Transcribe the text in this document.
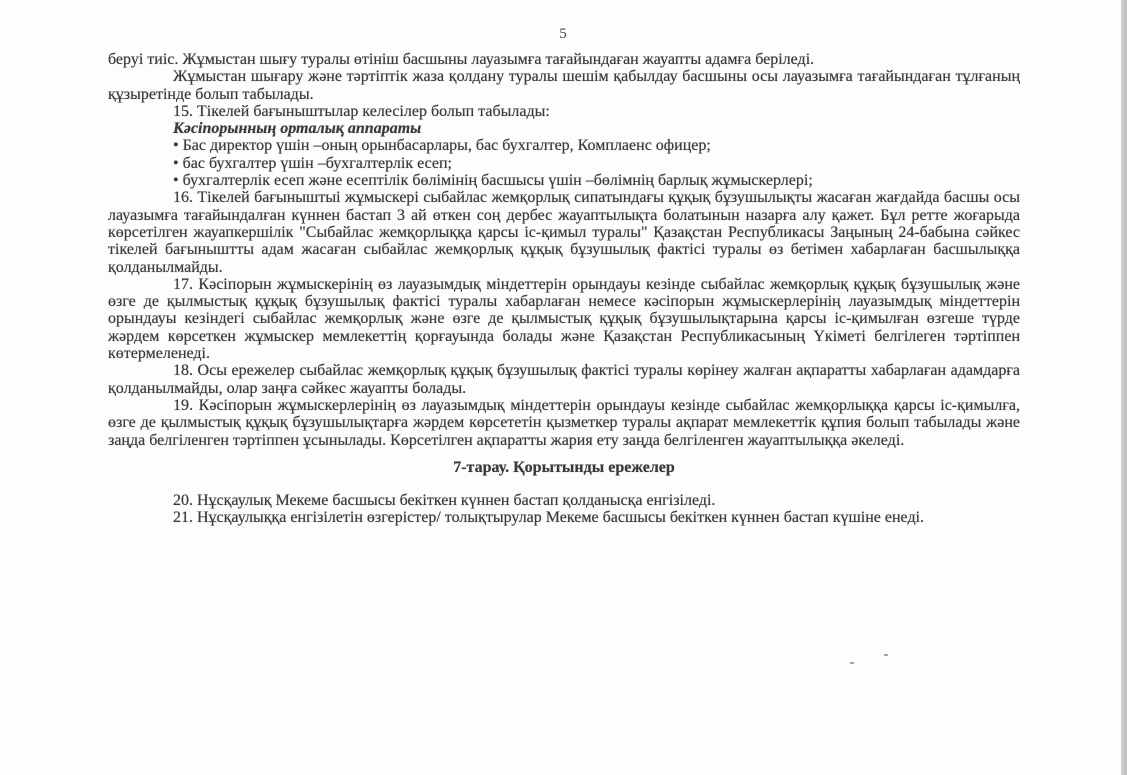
5

беруі тиіс. Жұмыстан шығу туралы өтініш басшыны лауазымға тағайындаған жауапты адамға беріледі.

Жұмыстан шығару және тәртіптік жаза қолдану туралы шешім қабылдау басшыны осы лауазымға тағайындаған тұлғаның құзыретінде болып табылады.

15. Тікелей бағыныштылар келесілер болып табылады:

Кәсіпорынның орталық аппараты

• Бас директор үшін –оның орынбасарлары, бас бухгалтер, Комплаенс офицер;

• бас бухгалтер үшін –бухгалтерлік есеп;

• бухгалтерлік есеп және есептілік бөлімінің басшысы үшін –бөлімнің барлық жұмыскерлері;

16. Тікелей бағыныштыі жұмыскері сыбайлас жемқорлық сипатындағы құқық бұзушылықты жасаған жағдайда басшы осы лауазымға тағайындалған күннен бастап 3 ай өткен соң дербес жауаптылықта болатынын назарға алу қажет. Бұл ретте жоғарыда көрсетілген жауапкершілік "Сыбайлас жемқорлыққа қарсы іс-қимыл туралы" Қазақстан Республикасы Заңының 24-бабына сәйкес тікелей бағыныштты адам жасаған сыбайлас жемқорлық құқық бұзушылық фактісі туралы өз бетімен хабарлаған басшылыққа қолданылмайды.

17. Кәсіпорын жұмыскерінің өз лауазымдық міндеттерін орындауы кезінде сыбайлас жемқорлық құқық бұзушылық және өзге де қылмыстық құқық бұзушылық фактісі туралы хабарлаған немесе кәсіпорын жұмыскерлерінің лауазымдық міндеттерін орындауы кезіндегі сыбайлас жемқорлық және өзге де қылмыстық құқық бұзушылықтарына қарсы іс-қимылған өзгеше түрде жәрдем көрсеткен жұмыскер мемлекеттің қорғауында болады және Қазақстан Республикасының Үкіметі белгілеген тәртіппен көтермеленеді.

18. Осы ережелер сыбайлас жемқорлық құқық бұзушылық фактісі туралы көрінеу жалған ақпаратты хабарлаған адамдарға қолданылмайды, олар заңға сәйкес жауапты болады.

19. Кәсіпорын жұмыскерлерінің өз лауазымдық міндеттерін орындауы кезінде сыбайлас жемқорлыққа қарсы іс-қимылға, өзге де қылмыстық құқық бұзушылықтарға жәрдем көрсететін қызметкер туралы ақпарат мемлекеттік құпия болып табылады және заңда белгіленген тәртіппен ұсынылады. Көрсетілген ақпаратты жария ету заңда белгіленген жауаптылыққа әкеледі.

7-тарау. Қорытынды ережелер

20. Нұсқаулық Мекеме басшысы бекіткен күннен бастап қолданысқа енгізіледі.

21. Нұсқаулыққа енгізілетін өзгерістер/ толықтырулар Мекеме басшысы бекіткен күннен бастап күшіне енеді.
